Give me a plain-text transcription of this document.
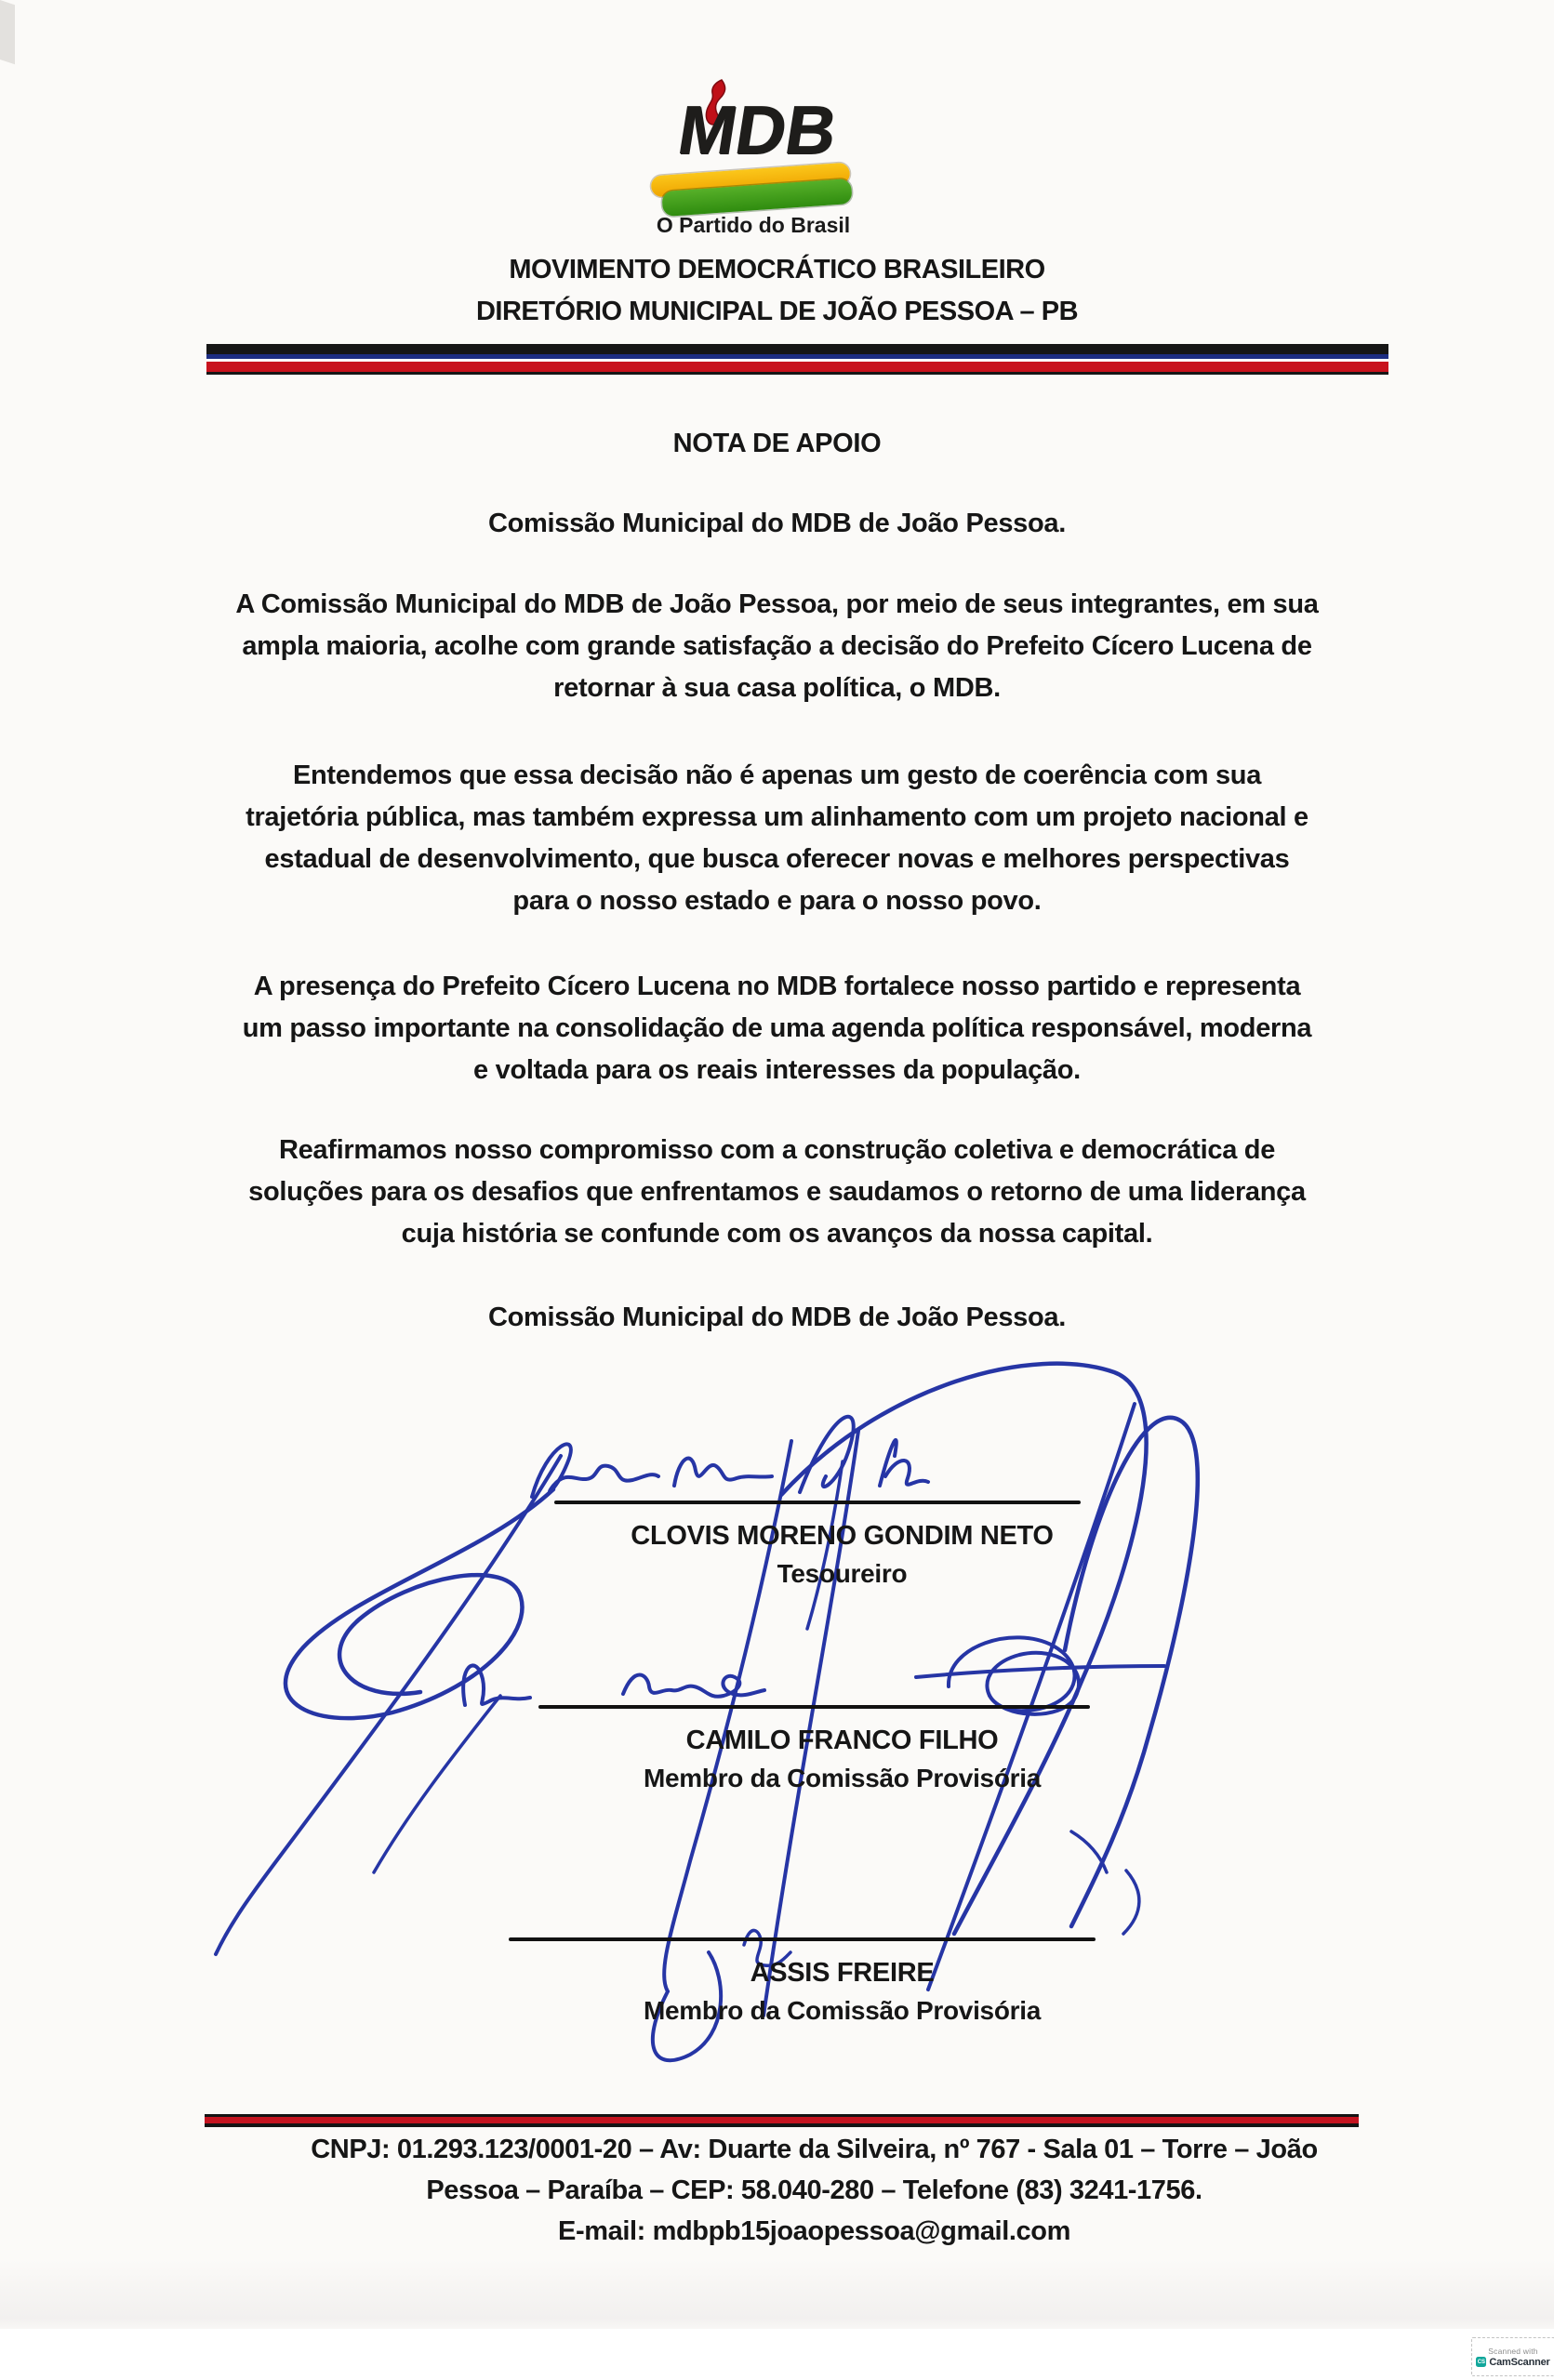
MDB
O Partido do Brasil
MOVIMENTO DEMOCRÁTICO BRASILEIRO
DIRETÓRIO MUNICIPAL DE JOÃO PESSOA – PB
NOTA DE APOIO
Comissão Municipal do MDB de João Pessoa.
A Comissão Municipal do MDB de João Pessoa, por meio de seus integrantes, em sua
ampla maioria, acolhe com grande satisfação a decisão do Prefeito Cícero Lucena de
retornar à sua casa política, o MDB.
Entendemos que essa decisão não é apenas um gesto de coerência com sua
trajetória pública, mas também expressa um alinhamento com um projeto nacional e
estadual de desenvolvimento, que busca oferecer novas e melhores perspectivas
para o nosso estado e para o nosso povo.
A presença do Prefeito Cícero Lucena no MDB fortalece nosso partido e representa
um passo importante na consolidação de uma agenda política responsável, moderna
e voltada para os reais interesses da população.
Reafirmamos nosso compromisso com a construção coletiva e democrática de
soluções para os desafios que enfrentamos e saudamos o retorno de uma liderança
cuja história se confunde com os avanços da nossa capital.
Comissão Municipal do MDB de João Pessoa.
CLOVIS MORENO GONDIM NETO
Tesoureiro
CAMILO FRANCO FILHO
Membro da Comissão Provisória
ASSIS FREIRE
Membro da Comissão Provisória
CNPJ: 01.293.123/0001-20 – Av: Duarte da Silveira, nº 767 - Sala 01 – Torre – João
Pessoa – Paraíba – CEP: 58.040-280 – Telefone (83) 3241-1756.
E-mail: mdbpb15joaopessoa@gmail.com
Scanned with
CS CamScanner
